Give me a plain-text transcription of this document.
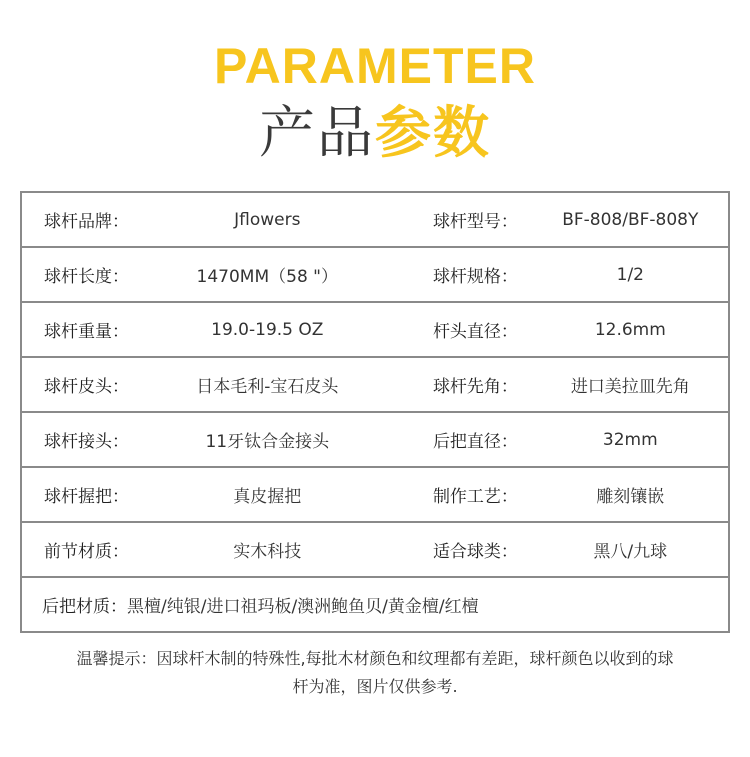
PARAMETER
产品参数
球杆品牌：	Jflowers	球杆型号：	BF-808/BF-808Y
球杆长度：	1470MM（58 "）	球杆规格：	1/2
球杆重量：	19.0-19.5 OZ	杆头直径：	12.6mm
球杆皮头：	日本毛利-宝石皮头	球杆先角：	进口美拉皿先角
球杆接头：	11牙钛合金接头	后把直径：	32mm
球杆握把：	真皮握把	制作工艺：	雕刻镶嵌
前节材质：	实木科技	适合球类：	黑八/九球
后把材质： 黑檀/纯银/进口祖玛板/澳洲鲍鱼贝/黄金檀/红檀
温馨提示：因球杆木制的特殊性,每批木材颜色和纹理都有差距，球杆颜色以收到的球
杆为准，图片仅供参考.
